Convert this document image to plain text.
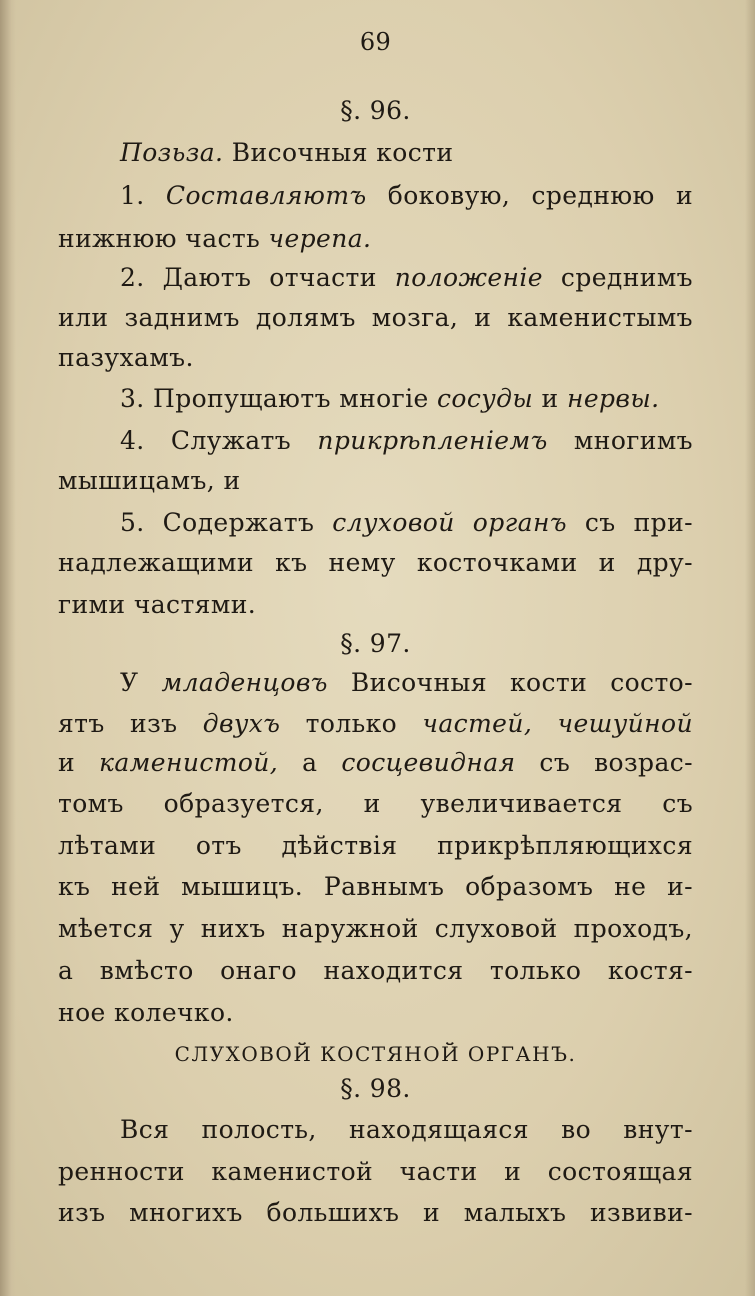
69
§. 96.
Позьза. Височныя кости
1. Составляютъ боковую, среднюю и
нижнюю часть черепа.
2. Даютъ отчасти положеніе среднимъ
или заднимъ долямъ мозга, и каменистымъ
пазухамъ.
3. Пропущаютъ многіе сосуды и нервы.
4. Служатъ прикрѣпленіемъ многимъ
мышицамъ, и
5. Содержатъ слуховой органъ съ при-
надлежащими къ нему косточками и дру-
гими частями.
§. 97.
У младенцовъ Височныя кости состо-
ятъ изъ двухъ только частей, чешуйной
и каменистой, а сосцевидная съ возрас-
томъ образуется, и увеличивается съ
лѣтами отъ дѣйствія прикрѣпляющихся
къ ней мышицъ. Равнымъ образомъ не и-
мѣется у нихъ наружной слуховой проходъ,
а вмѣсто онаго находится только костя-
ное колечко.
СЛУХОВОЙ КОСТЯНОЙ ОРГАНЪ.
§. 98.
Вся полость, находящаяся во внут-
ренности каменистой части и состоящая
изъ многихъ большихъ и малыхъ извиви-
